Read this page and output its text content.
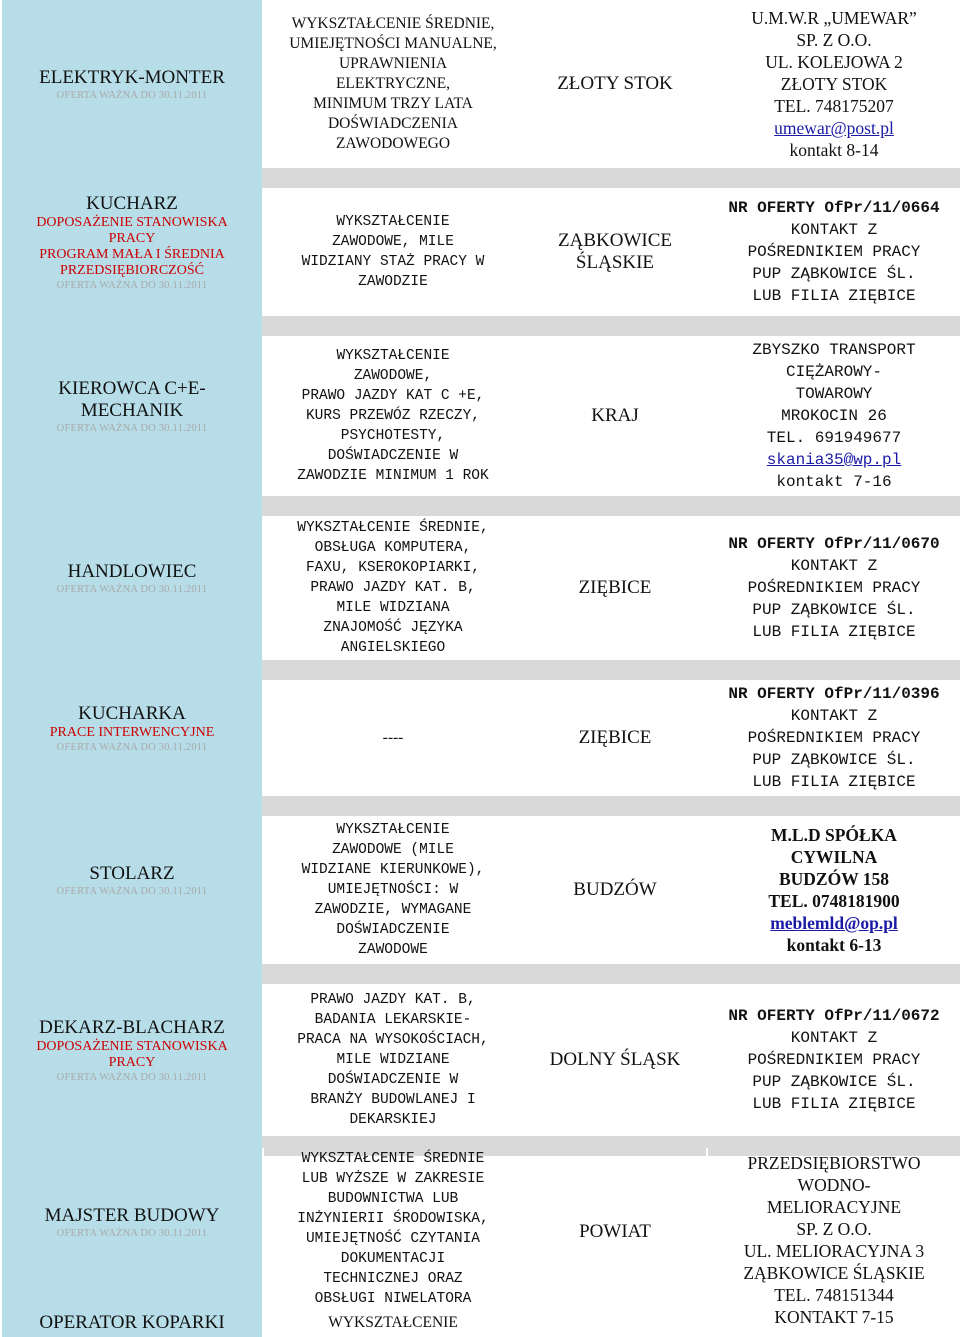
ELEKTRYK-MONTER
OFERTA WAŻNA DO 30.11.2011
WYKSZTAŁCENIE ŚREDNIE,
UMIEJĘTNOŚCI MANUALNE,
UPRAWNIENIA
ELEKTRYCZNE,
MINIMUM TRZY LATA
DOŚWIADCZENIA
ZAWODOWEGO
ZŁOTY STOK
U.M.W.R „UMEWAR”
SP. Z O.O.
UL. KOLEJOWA 2
ZŁOTY STOK
TEL. 748175207
umewar@post.pl
kontakt 8-14
KUCHARZ
DOPOSAŻENIE STANOWISKA
PRACY
PROGRAM MAŁA I ŚREDNIA
PRZEDSIĘBIORCZOŚĆ
OFERTA WAŻNA DO 30.11.2011
WYKSZTAŁCENIE
ZAWODOWE, MILE
WIDZIANY STAŻ PRACY W
ZAWODZIE
ZĄBKOWICE
ŚLĄSKIE
NR OFERTY OfPr/11/0664
KONTAKT Z
POŚREDNIKIEM PRACY
PUP ZĄBKOWICE ŚL.
LUB FILIA ZIĘBICE
KIEROWCA C+E-
MECHANIK
OFERTA WAŻNA DO 30.11.2011
WYKSZTAŁCENIE
ZAWODOWE,
PRAWO JAZDY KAT C +E,
KURS PRZEWÓZ RZECZY,
PSYCHOTESTY,
DOŚWIADCZENIE W
ZAWODZIE MINIMUM 1 ROK
KRAJ
ZBYSZKO TRANSPORT
CIĘŻAROWY-
TOWAROWY
MROKOCIN 26
TEL. 691949677
skania35@wp.pl
kontakt 7-16
HANDLOWIEC
OFERTA WAŻNA DO 30.11.2011
WYKSZTAŁCENIE ŚREDNIE,
OBSŁUGA KOMPUTERA,
FAXU, KSEROKOPIARKI,
PRAWO JAZDY KAT. B,
MILE WIDZIANA
ZNAJOMOŚĆ JĘZYKA
ANGIELSKIEGO
ZIĘBICE
NR OFERTY OfPr/11/0670
KONTAKT Z
POŚREDNIKIEM PRACY
PUP ZĄBKOWICE ŚL.
LUB FILIA ZIĘBICE
KUCHARKA
PRACE INTERWENCYJNE
OFERTA WAŻNA DO 30.11.2011
----	ZIĘBICE
NR OFERTY OfPr/11/0396
KONTAKT Z
POŚREDNIKIEM PRACY
PUP ZĄBKOWICE ŚL.
LUB FILIA ZIĘBICE
STOLARZ
OFERTA WAŻNA DO 30.11.2011
WYKSZTAŁCENIE
ZAWODOWE (MILE
WIDZIANE KIERUNKOWE),
UMIEJĘTNOŚCI: W
ZAWODZIE, WYMAGANE
DOŚWIADCZENIE
ZAWODOWE
BUDZÓW
M.L.D SPÓŁKA
CYWILNA
BUDZÓW 158
TEL. 0748181900
meblemld@op.pl
kontakt 6-13
DEKARZ-BLACHARZ
DOPOSAŻENIE STANOWISKA
PRACY
OFERTA WAŻNA DO 30.11.2011
PRAWO JAZDY KAT. B,
BADANIA LEKARSKIE-
PRACA NA WYSOKOŚCIACH,
MILE WIDZIANE
DOŚWIADCZENIE W
BRANŻY BUDOWLANEJ I
DEKARSKIEJ
DOLNY ŚLĄSK
NR OFERTY OfPr/11/0672
KONTAKT Z
POŚREDNIKIEM PRACY
PUP ZĄBKOWICE ŚL.
LUB FILIA ZIĘBICE
MAJSTER BUDOWY
OFERTA WAŻNA DO 30.11.2011
WYKSZTAŁCENIE ŚREDNIE
LUB WYŻSZE W ZAKRESIE
BUDOWNICTWA LUB
INŻYNIERII ŚRODOWISKA,
UMIEJĘTNOŚĆ CZYTANIA
DOKUMENTACJI
TECHNICZNEJ ORAZ
OBSŁUGI NIWELATORA
POWIAT
PRZEDSIĘBIORSTWO
WODNO-
MELIORACYJNE
SP. Z O.O.
UL. MELIORACYJNA 3
ZĄBKOWICE ŚLĄSKIE
TEL. 748151344
KONTAKT 7-15
OPERATOR KOPARKI	WYKSZTAŁCENIE
